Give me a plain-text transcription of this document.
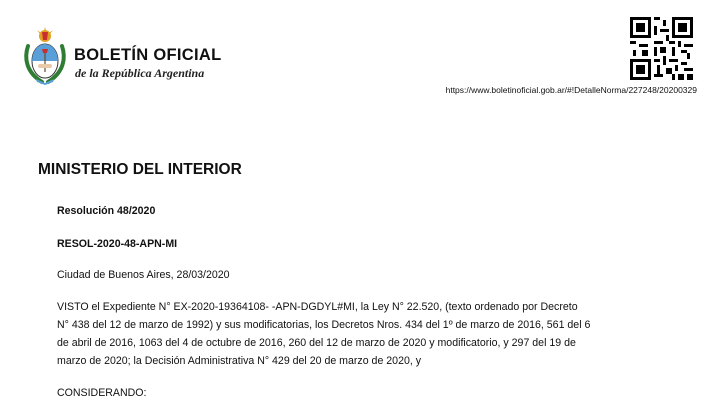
BOLETÍN OFICIAL
de la República Argentina
https://www.boletinoficial.gob.ar/#!DetalleNorma/227248/20200329
MINISTERIO DEL INTERIOR
Resolución 48/2020
RESOL-2020-48-APN-MI
Ciudad de Buenos Aires, 28/03/2020
VISTO el Expediente N° EX-2020-19364108- -APN-DGDYL#MI, la Ley N° 22.520, (texto ordenado por Decreto
N° 438 del 12 de marzo de 1992) y sus modificatorias, los Decretos Nros. 434 del 1º de marzo de 2016, 561 del 6
de abril de 2016, 1063 del 4 de octubre de 2016, 260 del 12 de marzo de 2020 y modificatorio, y 297 del 19 de
marzo de 2020; la Decisión Administrativa N° 429 del 20 de marzo de 2020, y
CONSIDERANDO:
